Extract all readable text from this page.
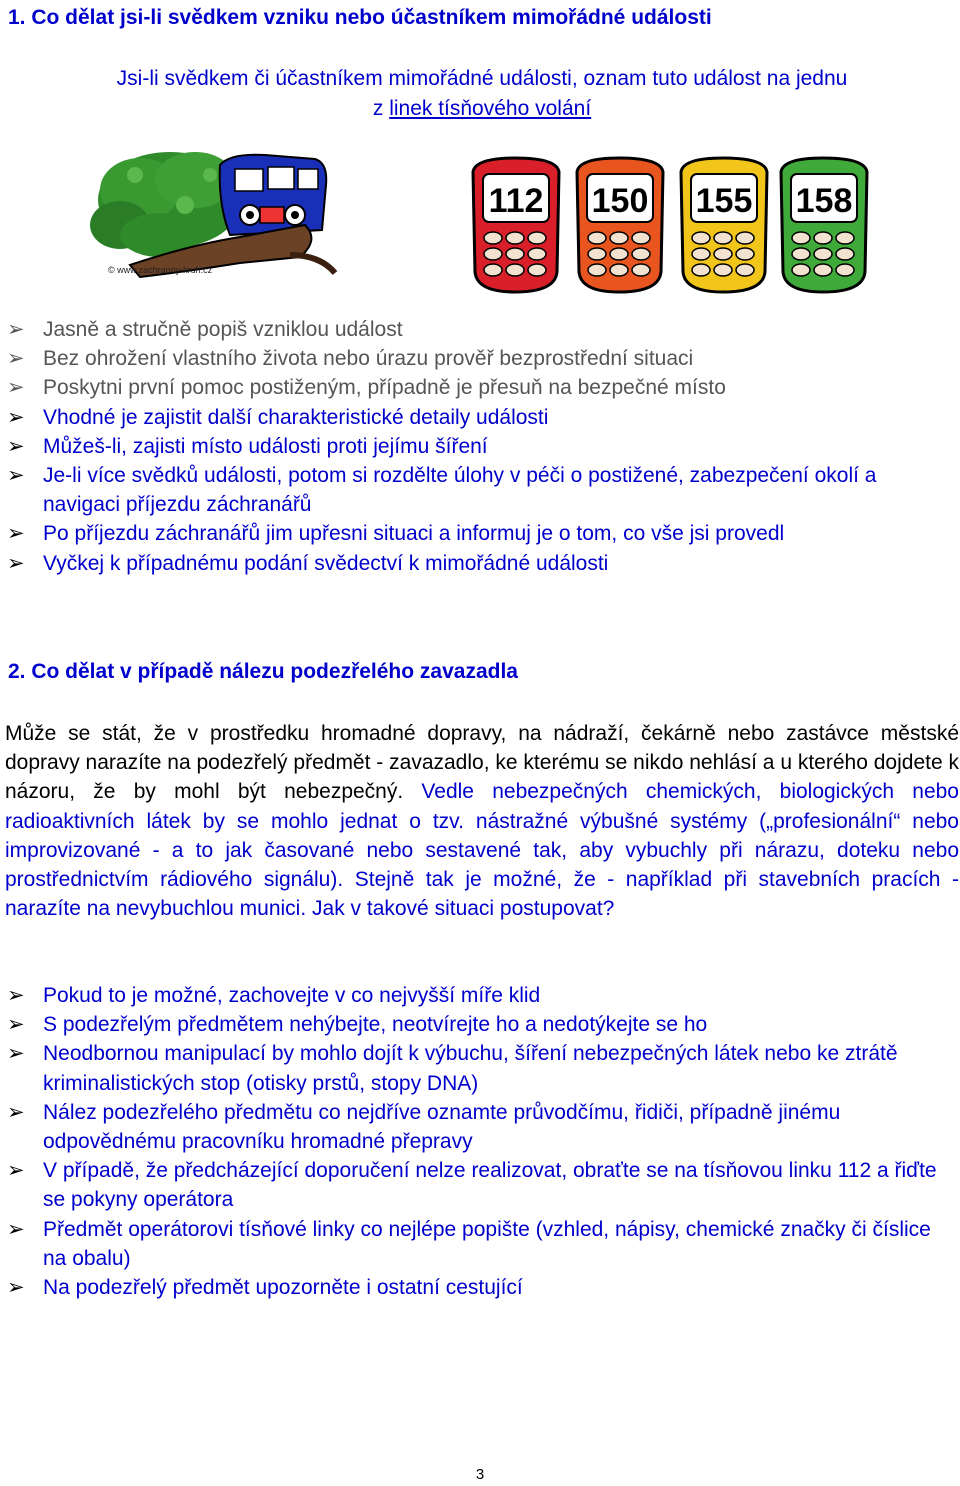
1. Co dělat jsi-li svědkem vzniku nebo účastníkem mimořádné události
Jsi-li svědkem či účastníkem mimořádné události, oznam tuto událost na jednu
z linek tísňového volání
© www.zachranny-kruh.cz
112 150 155 158
➢ Jasně a stručně popiš vzniklou událost
➢ Bez ohrožení vlastního života nebo úrazu prověř bezprostřední situaci
➢ Poskytni první pomoc postiženým, případně je přesuň na bezpečné místo
➢ Vhodné je zajistit další charakteristické detaily události
➢ Můžeš-li, zajisti místo události proti jejímu šíření
➢ Je-li více svědků události, potom si rozdělte úlohy v péči o postižené, zabezpečení okolí a navigaci příjezdu záchranářů
➢ Po příjezdu záchranářů jim upřesni situaci a informuj je o tom, co vše jsi provedl
➢ Vyčkej k případnému podání svědectví k mimořádné události
2. Co dělat v případě nálezu podezřelého zavazadla
Může se stát, že v prostředku hromadné dopravy, na nádraží, čekárně nebo zastávce městské dopravy narazíte na podezřelý předmět - zavazadlo, ke kterému se nikdo nehlásí a u kterého dojdete k názoru, že by mohl být nebezpečný. Vedle nebezpečných chemických, biologických nebo radioaktivních látek by se mohlo jednat o tzv. nástražné výbušné systémy („profesionální“ nebo improvizované - a to jak časované nebo sestavené tak, aby vybuchly při nárazu, doteku nebo prostřednictvím rádiového signálu). Stejně tak je možné, že - například při stavebních pracích - narazíte na nevybuchlou munici. Jak v takové situaci postupovat?
➢ Pokud to je možné, zachovejte v co nejvyšší míře klid
➢ S podezřelým předmětem nehýbejte, neotvírejte ho a nedotýkejte se ho
➢ Neodbornou manipulací by mohlo dojít k výbuchu, šíření nebezpečných látek nebo ke ztrátě kriminalistických stop (otisky prstů, stopy DNA)
➢ Nález podezřelého předmětu co nejdříve oznamte průvodčímu, řidiči, případně jinému odpovědnému pracovníku hromadné přepravy
➢ V případě, že předcházející doporučení nelze realizovat, obraťte se na tísňovou linku 112 a řiďte se pokyny operátora
➢ Předmět operátorovi tísňové linky co nejlépe popište (vzhled, nápisy, chemické značky či číslice na obalu)
➢ Na podezřelý předmět upozorněte i ostatní cestující
3
